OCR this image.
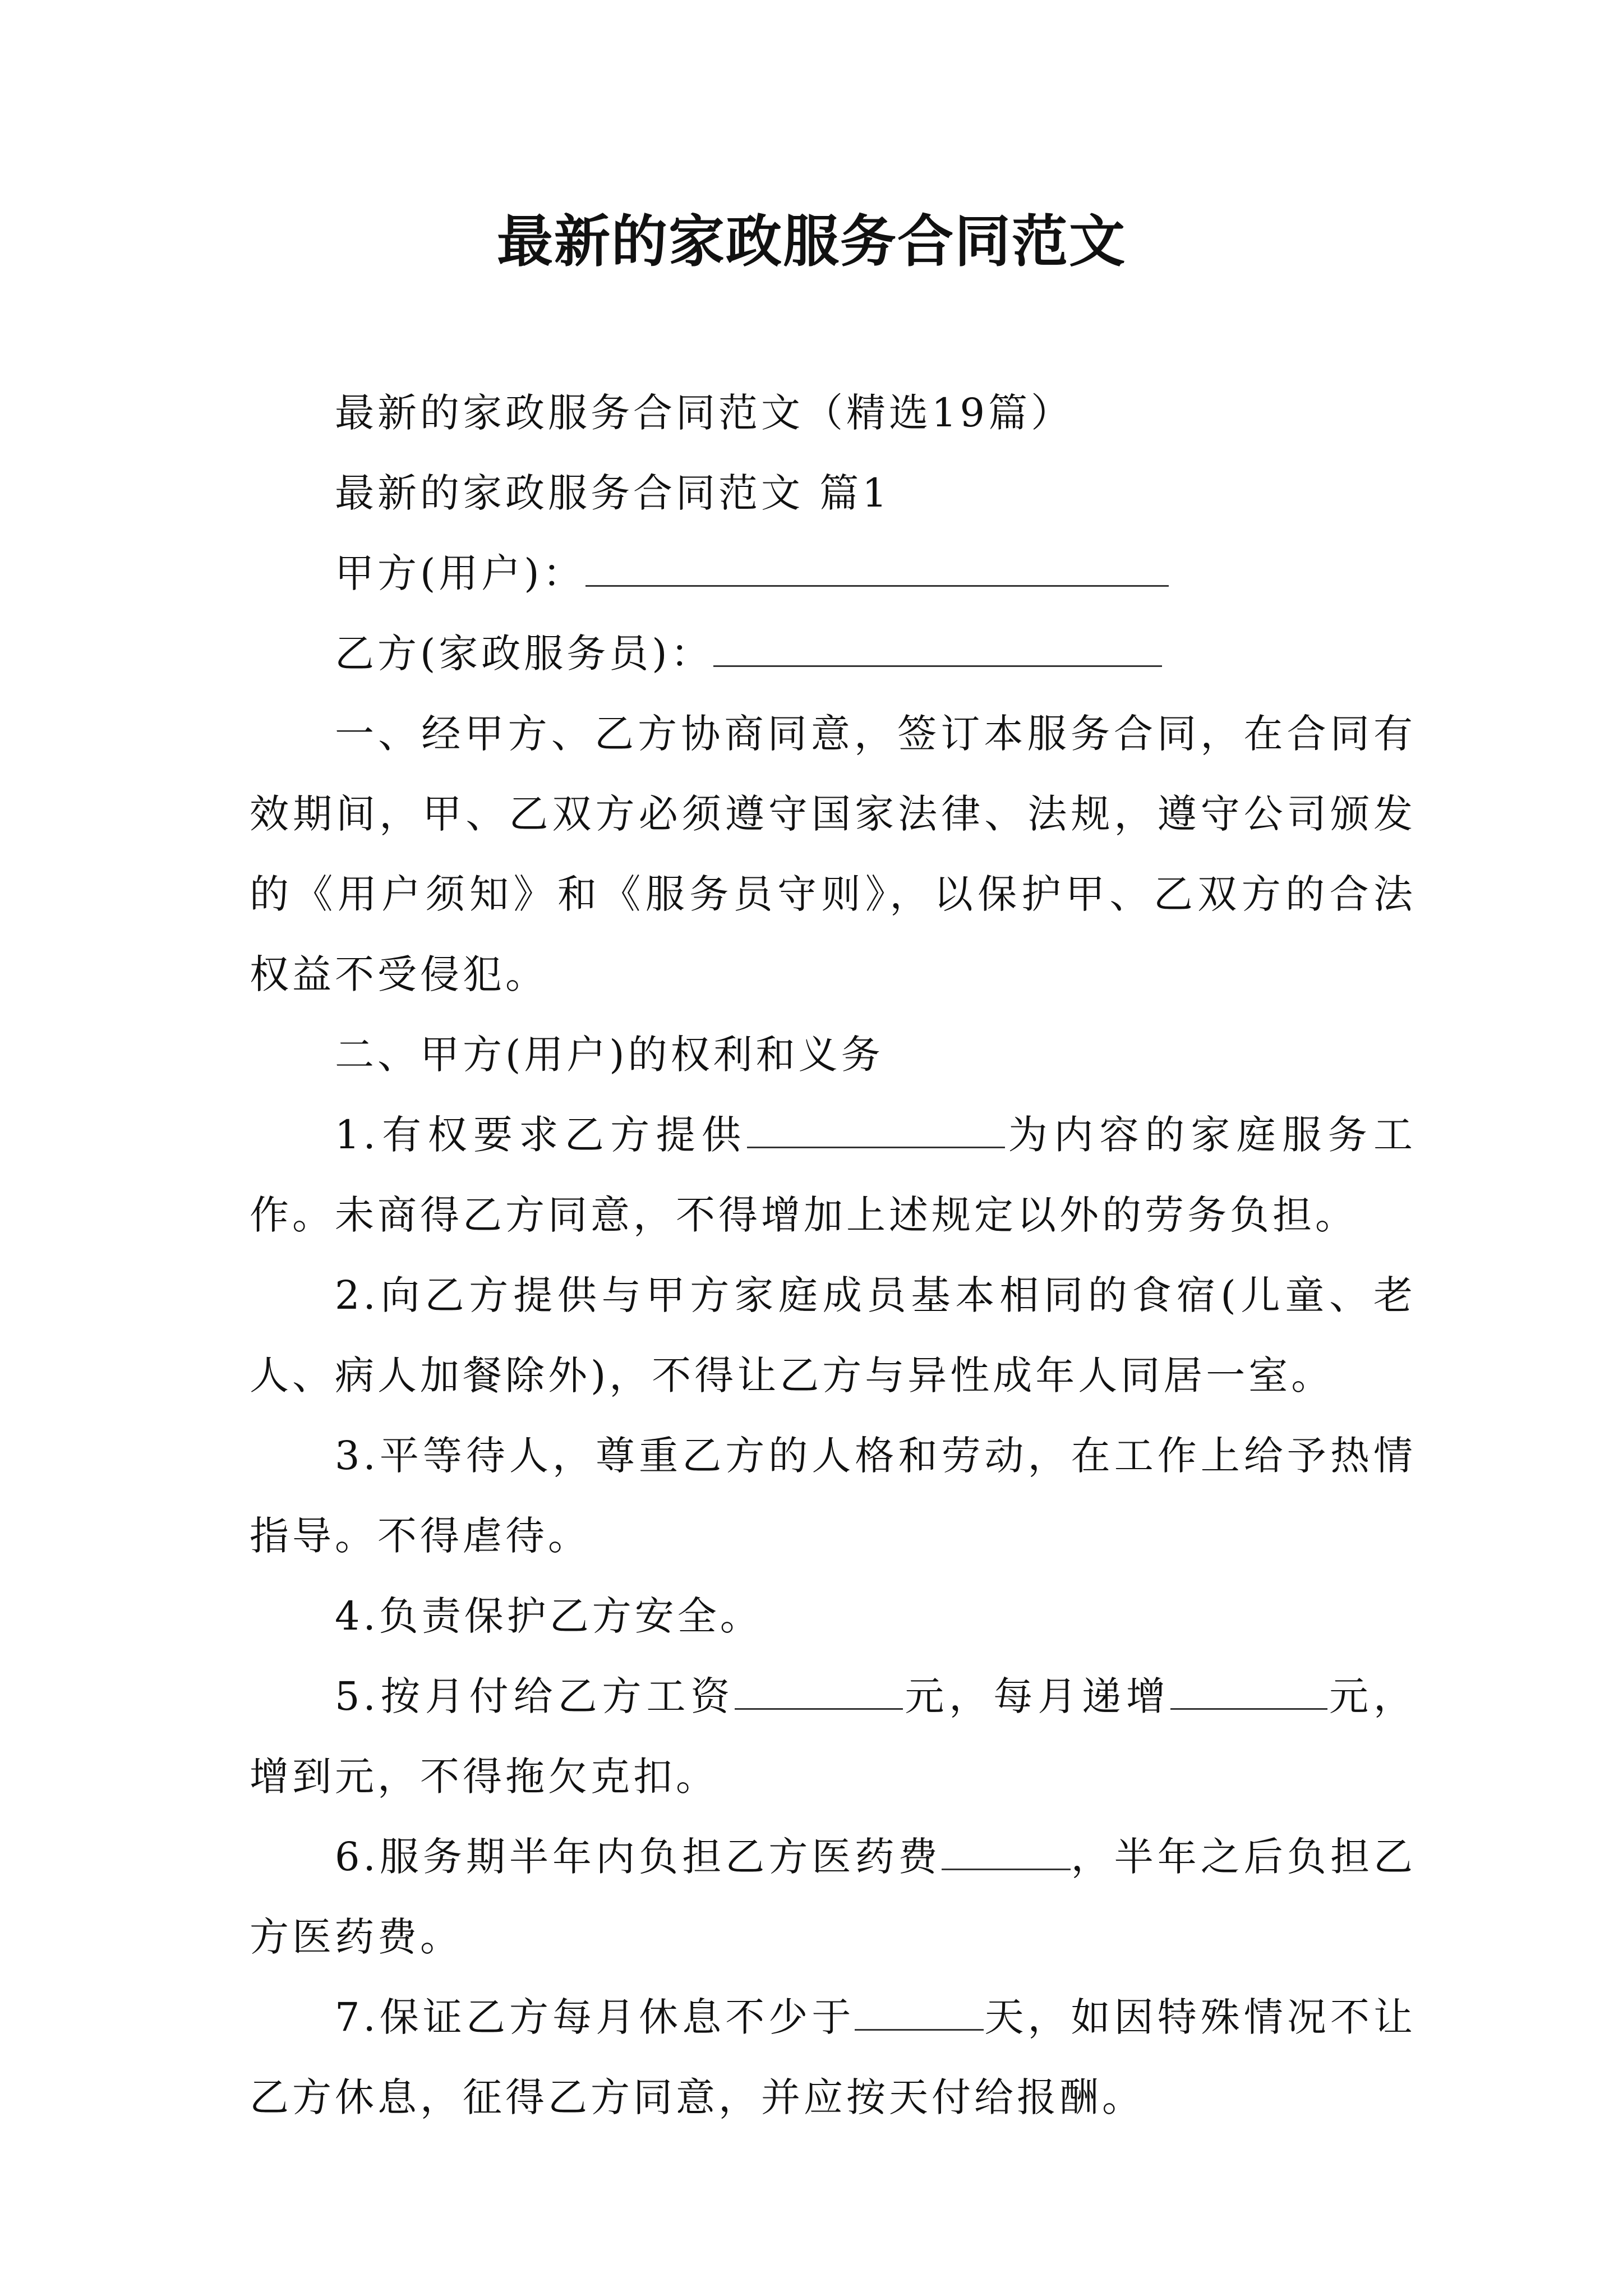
最新的家政服务合同范文

最新的家政服务合同范文（精选19篇）

最新的家政服务合同范文 篇1

甲方(用户)：

乙方(家政服务员)：

一、经甲方、乙方协商同意，签订本服务合同，在合同有效期间，甲、乙双方必须遵守国家法律、法规，遵守公司颁发的《用户须知》和《服务员守则》，以保护甲、乙双方的合法权益不受侵犯。

二、甲方(用户)的权利和义务

1.有权要求乙方提供	为内容的家庭服务工作。未商得乙方同意，不得增加上述规定以外的劳务负担。

2.向乙方提供与甲方家庭成员基本相同的食宿(儿童、老人、病人加餐除外)，不得让乙方与异性成年人同居一室。

3.平等待人，尊重乙方的人格和劳动，在工作上给予热情指导。不得虐待。

4.负责保护乙方安全。

5.按月付给乙方工资	元，每月递增	元，增到元，不得拖欠克扣。

6.服务期半年内负担乙方医药费	，半年之后负担乙方医药费。

7.保证乙方每月休息不少于	天，如因特殊情况不让乙方休息，征得乙方同意，并应按天付给报酬。
